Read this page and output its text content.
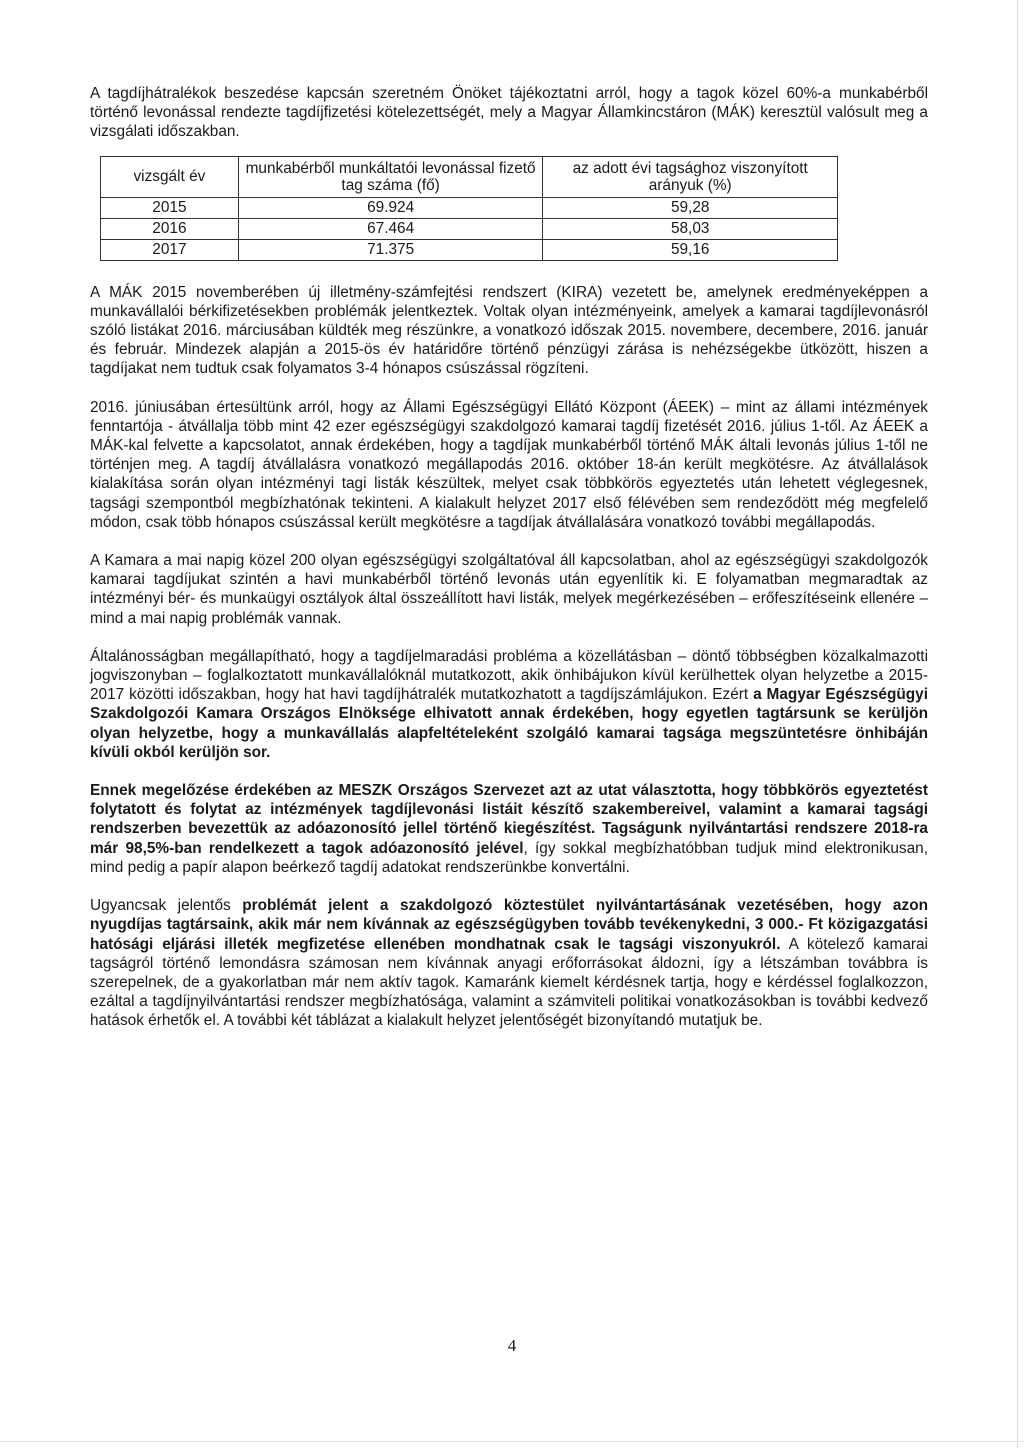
A tagdíjhátralékok beszedése kapcsán szeretném Önöket tájékoztatni arról, hogy a tagok közel 60%-a munkabérből történő levonással rendezte tagdíjfizetési kötelezettségét, mely a Magyar Államkincstáron (MÁK) keresztül valósult meg a vizsgálati időszakban.

vizsgált év	munkabérből munkáltatói levonással fizető tag száma (fő)	az adott évi tagsághoz viszonyított arányuk (%)
2015	69.924	59,28
2016	67.464	58,03
2017	71.375	59,16

A MÁK 2015 novemberében új illetmény-számfejtési rendszert (KIRA) vezetett be, amelynek eredményeképpen a munkavállalói bérkifizetésekben problémák jelentkeztek. Voltak olyan intézményeink, amelyek a kamarai tagdíjlevonásról szóló listákat 2016. márciusában küldték meg részünkre, a vonatkozó időszak 2015. novembere, decembere, 2016. január és február. Mindezek alapján a 2015-ös év határidőre történő pénzügyi zárása is nehézségekbe ütközött, hiszen a tagdíjakat nem tudtuk csak folyamatos 3-4 hónapos csúszással rögzíteni.

2016. júniusában értesültünk arról, hogy az Állami Egészségügyi Ellátó Központ (ÁEEK) – mint az állami intézmények fenntartója - átvállalja több mint 42 ezer egészségügyi szakdolgozó kamarai tagdíj fizetését 2016. július 1-től. Az ÁEEK a MÁK-kal felvette a kapcsolatot, annak érdekében, hogy a tagdíjak munkabérből történő MÁK általi levonás július 1-től ne történjen meg. A tagdíj átvállalásra vonatkozó megállapodás 2016. október 18-án került megkötésre. Az átvállalások kialakítása során olyan intézményi tagi listák készültek, melyet csak többkörös egyeztetés után lehetett véglegesnek, tagsági szempontból megbízhatónak tekinteni. A kialakult helyzet 2017 első félévében sem rendeződött még megfelelő módon, csak több hónapos csúszással került megkötésre a tagdíjak átvállalására vonatkozó további megállapodás.

A Kamara a mai napig közel 200 olyan egészségügyi szolgáltatóval áll kapcsolatban, ahol az egészségügyi szakdolgozók kamarai tagdíjukat szintén a havi munkabérből történő levonás után egyenlítik ki. E folyamatban megmaradtak az intézményi bér- és munkaügyi osztályok által összeállított havi listák, melyek megérkezésében – erőfeszítéseink ellenére – mind a mai napig problémák vannak.

Általánosságban megállapítható, hogy a tagdíjelmaradási probléma a közellátásban – döntő többségben közalkalmazotti jogviszonyban – foglalkoztatott munkavállalóknál mutatkozott, akik önhibájukon kívül kerülhettek olyan helyzetbe a 2015-2017 közötti időszakban, hogy hat havi tagdíjhátralék mutatkozhatott a tagdíjszámlájukon. Ezért a Magyar Egészségügyi Szakdolgozói Kamara Országos Elnöksége elhivatott annak érdekében, hogy egyetlen tagtársunk se kerüljön olyan helyzetbe, hogy a munkavállalás alapfeltételeként szolgáló kamarai tagsága megszüntetésre önhibáján kívüli okból kerüljön sor.

Ennek megelőzése érdekében az MESZK Országos Szervezet azt az utat választotta, hogy többkörös egyeztetést folytatott és folytat az intézmények tagdíjlevonási listáit készítő szakembereivel, valamint a kamarai tagsági rendszerben bevezettük az adóazonosító jellel történő kiegészítést. Tagságunk nyilvántartási rendszere 2018-ra már 98,5%-ban rendelkezett a tagok adóazonosító jelével, így sokkal megbízhatóbban tudjuk mind elektronikusan, mind pedig a papír alapon beérkező tagdíj adatokat rendszerünkbe konvertálni.

Ugyancsak jelentős problémát jelent a szakdolgozó köztestület nyilvántartásának vezetésében, hogy azon nyugdíjas tagtársaink, akik már nem kívánnak az egészségügyben tovább tevékenykedni, 3 000.- Ft közigazgatási hatósági eljárási illeték megfizetése ellenében mondhatnak csak le tagsági viszonyukról. A kötelező kamarai tagságról történő lemondásra számosan nem kívánnak anyagi erőforrásokat áldozni, így a létszámban továbbra is szerepelnek, de a gyakorlatban már nem aktív tagok. Kamaránk kiemelt kérdésnek tartja, hogy e kérdéssel foglalkozzon, ezáltal a tagdíjnyilvántartási rendszer megbízhatósága, valamint a számviteli politikai vonatkozásokban is további kedvező hatások érhetők el. A további két táblázat a kialakult helyzet jelentőségét bizonyítandó mutatjuk be.

4
